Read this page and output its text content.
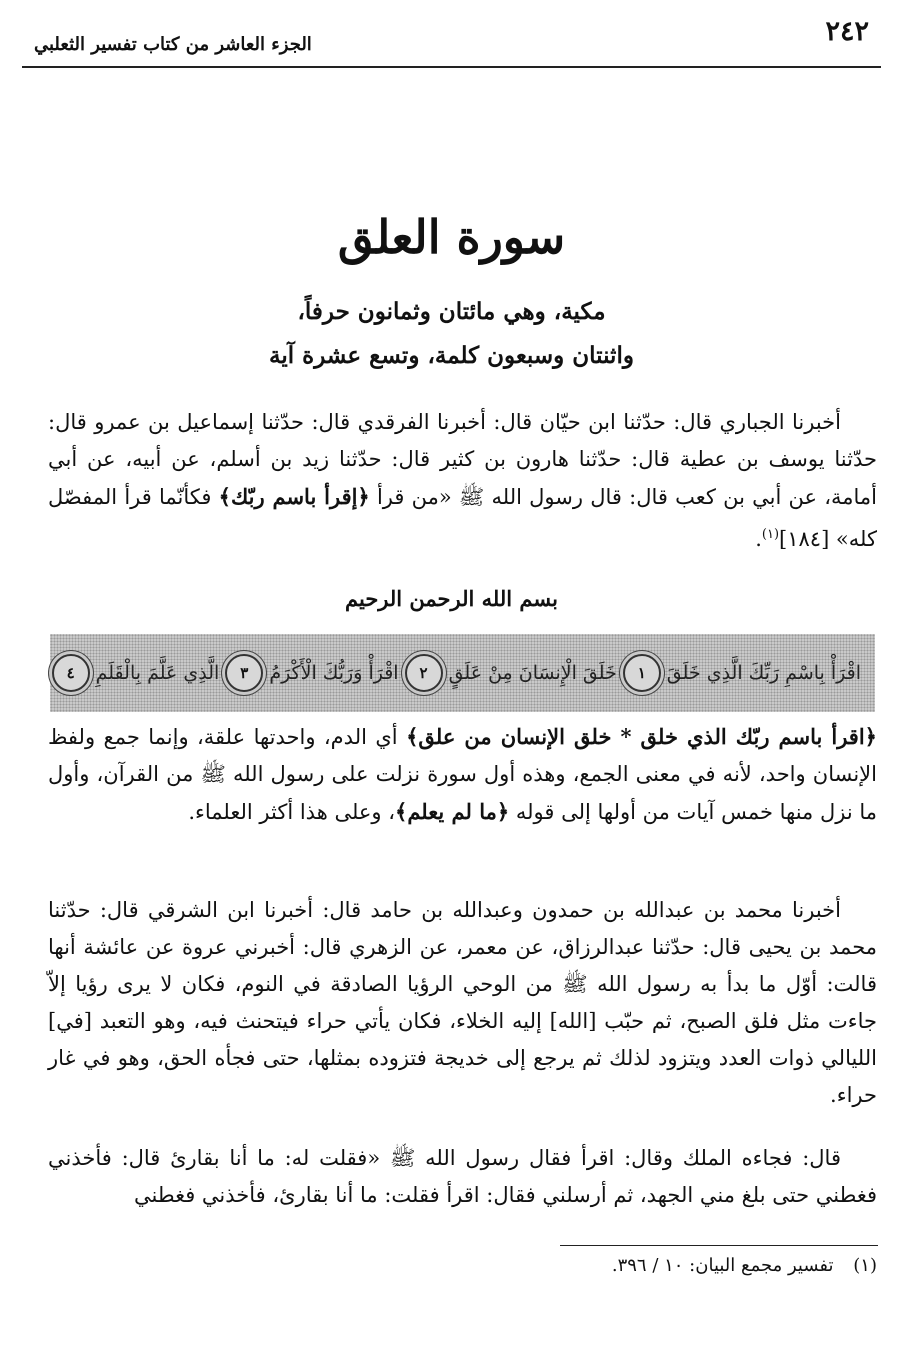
٢٤٢
الجزء العاشر من كتاب تفسير الثعلبي
سورة العلق
مكية، وهي مائتان وثمانون حرفاً،
واثنتان وسبعون كلمة، وتسع عشرة آية

أخبرنا الجباري قال: حدّثنا ابن حيّان قال: أخبرنا الفرقدي قال: حدّثنا إسماعيل بن عمرو قال: حدّثنا يوسف بن عطية قال: حدّثنا هارون بن كثير قال: حدّثنا زيد بن أسلم، عن أبيه، عن أبي أمامة، عن أبي بن كعب قال: قال رسول الله ﷺ «من قرأ ﴿إقرأ باسم ربّك﴾ فكأنّما قرأ المفصّل كله» [١٨٤]$^{(١)}$.

بسم الله الرحمن الرحيم
اقْرَأْ بِاسْمِ رَبِّكَ الَّذِي خَلَقَ
١
خَلَقَ الْإِنسَانَ مِنْ عَلَقٍ
٢
اقْرَأْ وَرَبُّكَ الْأَكْرَمُ
٣
الَّذِي عَلَّمَ بِالْقَلَمِ
٤

﴿اقرأ باسم ربّك الذي خلق * خلق الإنسان من علق﴾ أي الدم، واحدتها علقة، وإنما جمع ولفظ الإنسان واحد، لأنه في معنى الجمع، وهذه أول سورة نزلت على رسول الله ﷺ من القرآن، وأول ما نزل منها خمس آيات من أولها إلى قوله ﴿ما لم يعلم﴾، وعلى هذا أكثر العلماء.

أخبرنا محمد بن عبدالله بن حمدون وعبدالله بن حامد قال: أخبرنا ابن الشرقي قال: حدّثنا محمد بن يحيى قال: حدّثنا عبدالرزاق، عن معمر، عن الزهري قال: أخبرني عروة عن عائشة أنها قالت: أوّل ما بدأ به رسول الله ﷺ من الوحي الرؤيا الصادقة في النوم، فكان لا يرى رؤيا إلاّ جاءت مثل فلق الصبح، ثم حبّب [الله] إليه الخلاء، فكان يأتي حراء فيتحنث فيه، وهو التعبد [في] الليالي ذوات العدد ويتزود لذلك ثم يرجع إلى خديجة فتزوده بمثلها، حتى فجأه الحق، وهو في غار حراء.

قال: فجاءه الملك وقال: اقرأ فقال رسول الله ﷺ «فقلت له: ما أنا بقارئ قال: فأخذني فغطني حتى بلغ مني الجهد، ثم أرسلني فقال: اقرأ فقلت: ما أنا بقارئ، فأخذني فغطني

(١) تفسير مجمع البيان: ١٠ / ٣٩٦.
